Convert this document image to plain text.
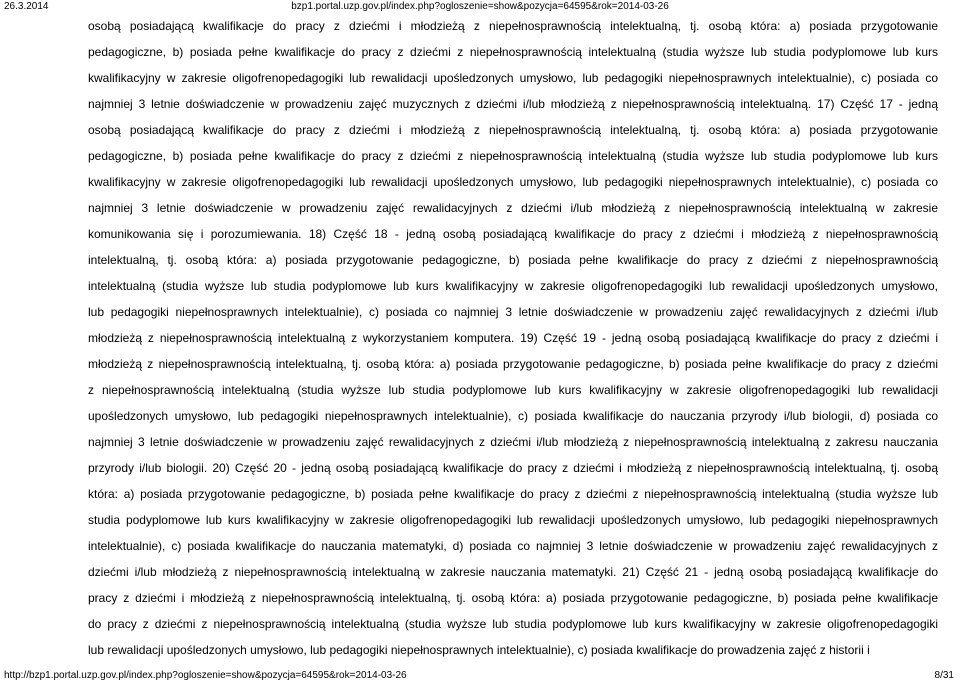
26.3.2014	bzp1.portal.uzp.gov.pl/index.php?ogloszenie=show&pozycja=64595&rok=2014-03-26
osobą posiadającą kwalifikacje do pracy z dziećmi i młodzieżą z niepełnosprawnością intelektualną, tj. osobą która: a) posiada przygotowanie
pedagogiczne, b) posiada pełne kwalifikacje do pracy z dziećmi z niepełnosprawnością intelektualną (studia wyższe lub studia podyplomowe lub kurs
kwalifikacyjny w zakresie oligofrenopedagogiki lub rewalidacji upośledzonych umysłowo, lub pedagogiki niepełnosprawnych intelektualnie), c) posiada co
najmniej 3 letnie doświadczenie w prowadzeniu zajęć muzycznych z dziećmi i/lub młodzieżą z niepełnosprawnością intelektualną. 17) Część 17 - jedną
osobą posiadającą kwalifikacje do pracy z dziećmi i młodzieżą z niepełnosprawnością intelektualną, tj. osobą która: a) posiada przygotowanie
pedagogiczne, b) posiada pełne kwalifikacje do pracy z dziećmi z niepełnosprawnością intelektualną (studia wyższe lub studia podyplomowe lub kurs
kwalifikacyjny w zakresie oligofrenopedagogiki lub rewalidacji upośledzonych umysłowo, lub pedagogiki niepełnosprawnych intelektualnie), c) posiada co
najmniej 3 letnie doświadczenie w prowadzeniu zajęć rewalidacyjnych z dziećmi i/lub młodzieżą z niepełnosprawnością intelektualną w zakresie
komunikowania się i porozumiewania. 18) Część 18 - jedną osobą posiadającą kwalifikacje do pracy z dziećmi i młodzieżą z niepełnosprawnością
intelektualną, tj. osobą która: a) posiada przygotowanie pedagogiczne, b) posiada pełne kwalifikacje do pracy z dziećmi z niepełnosprawnością
intelektualną (studia wyższe lub studia podyplomowe lub kurs kwalifikacyjny w zakresie oligofrenopedagogiki lub rewalidacji upośledzonych umysłowo,
lub pedagogiki niepełnosprawnych intelektualnie), c) posiada co najmniej 3 letnie doświadczenie w prowadzeniu zajęć rewalidacyjnych z dziećmi i/lub
młodzieżą z niepełnosprawnością intelektualną z wykorzystaniem komputera. 19) Część 19 - jedną osobą posiadającą kwalifikacje do pracy z dziećmi i
młodzieżą z niepełnosprawnością intelektualną, tj. osobą która: a) posiada przygotowanie pedagogiczne, b) posiada pełne kwalifikacje do pracy z dziećmi
z niepełnosprawnością intelektualną (studia wyższe lub studia podyplomowe lub kurs kwalifikacyjny w zakresie oligofrenopedagogiki lub rewalidacji
upośledzonych umysłowo, lub pedagogiki niepełnosprawnych intelektualnie), c) posiada kwalifikacje do nauczania przyrody i/lub biologii, d) posiada co
najmniej 3 letnie doświadczenie w prowadzeniu zajęć rewalidacyjnych z dziećmi i/lub młodzieżą z niepełnosprawnością intelektualną z zakresu nauczania
przyrody i/lub biologii. 20) Część 20 - jedną osobą posiadającą kwalifikacje do pracy z dziećmi i młodzieżą z niepełnosprawnością intelektualną, tj. osobą
która: a) posiada przygotowanie pedagogiczne, b) posiada pełne kwalifikacje do pracy z dziećmi z niepełnosprawnością intelektualną (studia wyższe lub
studia podyplomowe lub kurs kwalifikacyjny w zakresie oligofrenopedagogiki lub rewalidacji upośledzonych umysłowo, lub pedagogiki niepełnosprawnych
intelektualnie), c) posiada kwalifikacje do nauczania matematyki, d) posiada co najmniej 3 letnie doświadczenie w prowadzeniu zajęć rewalidacyjnych z
dziećmi i/lub młodzieżą z niepełnosprawnością intelektualną w zakresie nauczania matematyki. 21) Część 21 - jedną osobą posiadającą kwalifikacje do
pracy z dziećmi i młodzieżą z niepełnosprawnością intelektualną, tj. osobą która: a) posiada przygotowanie pedagogiczne, b) posiada pełne kwalifikacje
do pracy z dziećmi z niepełnosprawnością intelektualną (studia wyższe lub studia podyplomowe lub kurs kwalifikacyjny w zakresie oligofrenopedagogiki
lub rewalidacji upośledzonych umysłowo, lub pedagogiki niepełnosprawnych intelektualnie), c) posiada kwalifikacje do prowadzenia zajęć z historii i
http://bzp1.portal.uzp.gov.pl/index.php?ogloszenie=show&pozycja=64595&rok=2014-03-26	8/31
